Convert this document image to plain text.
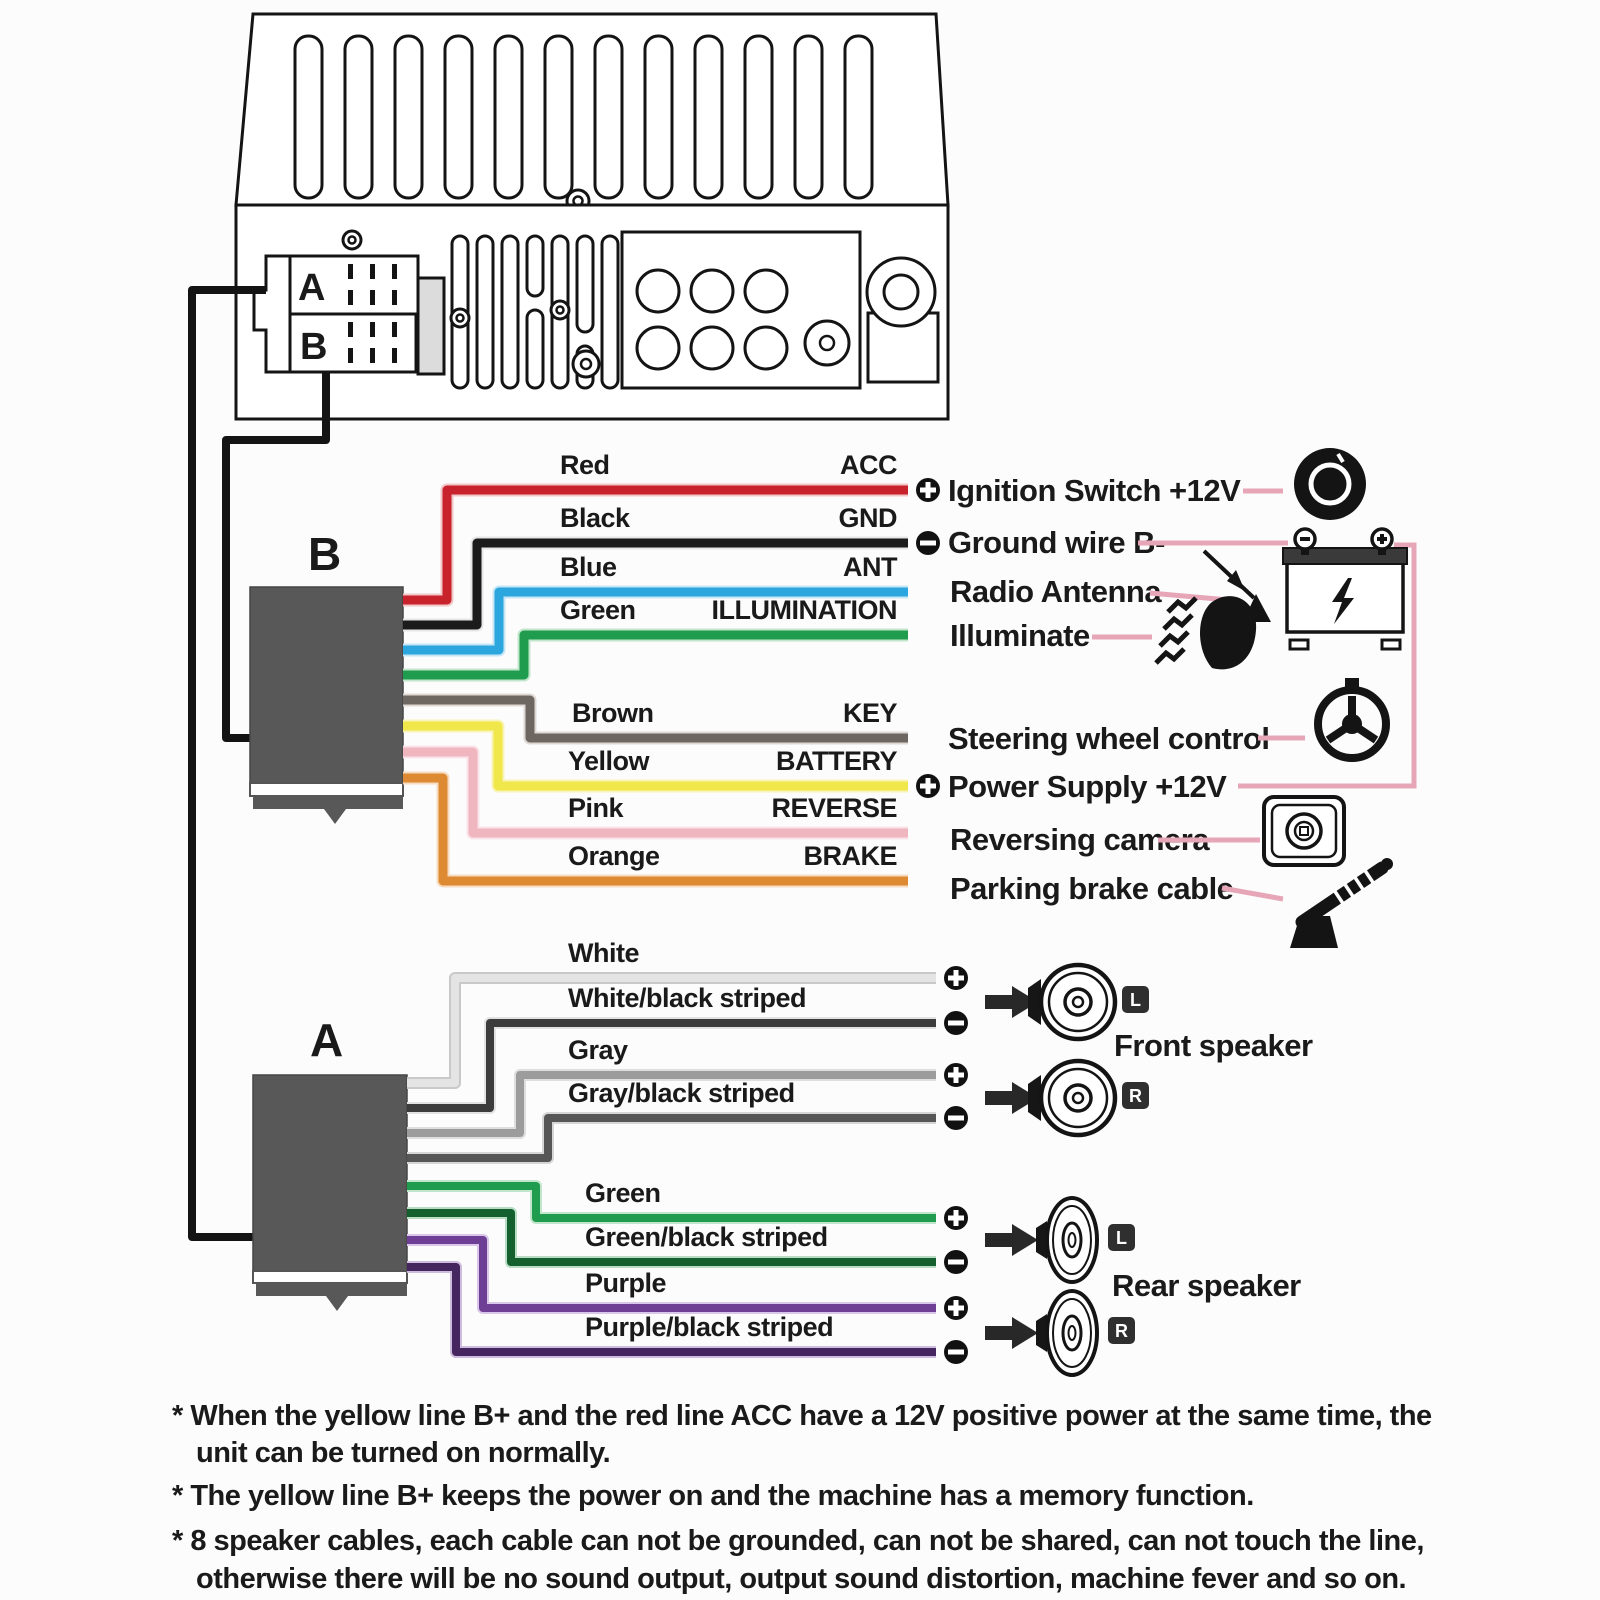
A
B
B
Red
Black
Blue
Green
Brown
Yellow
Pink
Orange
ACC
GND
ANT
ILLUMINATION
KEY
BATTERY
REVERSE
BRAKE
Ignition Switch +12V
Ground wire B-
Radio Antenna
Illuminate
Steering wheel control
Power Supply +12V
Reversing camera
Parking brake cable
A
White
White/black striped
Gray
Gray/black striped
Green
Green/black striped
Purple
Purple/black striped
L
R
Front speaker
L
R
Rear speaker
* When the yellow line B+ and the red line ACC have a 12V positive power at the same time, the
unit can be turned on normally.
* The yellow line B+ keeps the power on and the machine has a memory function.
* 8 speaker cables, each cable can not be grounded, can not be shared, can not touch the line,
otherwise there will be no sound output, output sound distortion, machine fever and so on.
